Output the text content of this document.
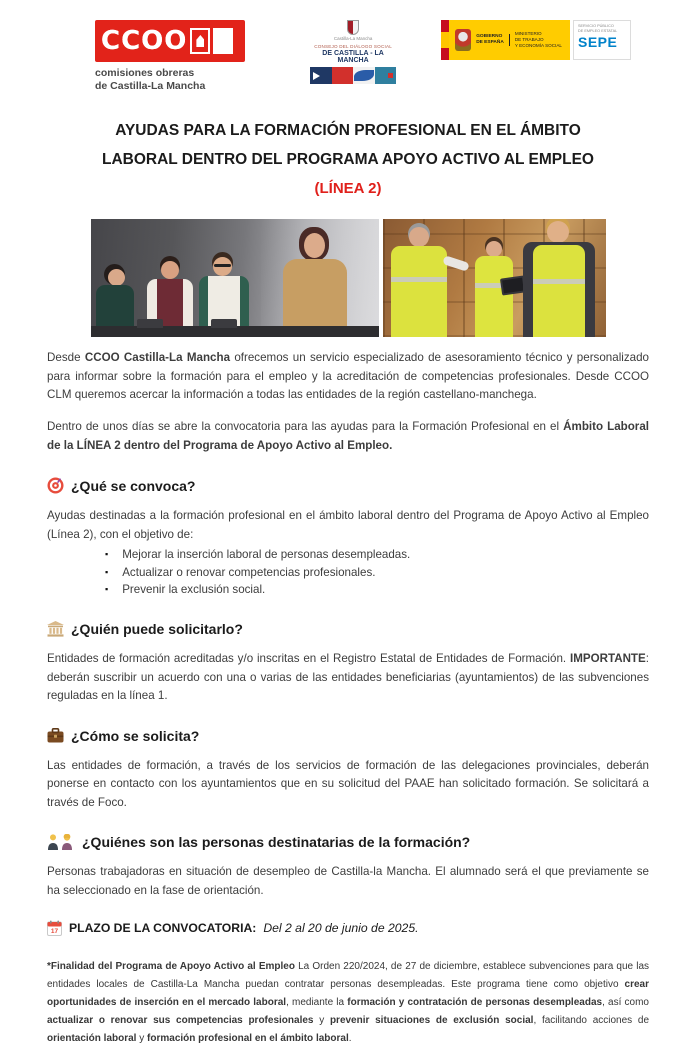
CCOO
comisiones obreras
de Castilla-La Mancha
Castilla-La Mancha
CONSEJO DEL DIÁLOGO SOCIAL
DE CASTILLA - LA MANCHA
GOBIERNO
DE ESPAÑA
MINISTERIO
DE TRABAJO
Y ECONOMÍA SOCIAL
SERVICIO PÚBLICO
DE EMPLEO ESTATAL
SEPE
AYUDAS PARA LA FORMACIÓN PROFESIONAL EN EL ÁMBITO
LABORAL DENTRO DEL PROGRAMA APOYO ACTIVO AL EMPLEO
(LÍNEA 2)
Desde CCOO Castilla-La Mancha ofrecemos un servicio especializado de asesoramiento técnico y personalizado para informar sobre la formación para el empleo y la acreditación de competencias profesionales. Desde CCOO CLM queremos acercar la información a todas las entidades de la región castellano-manchega.
Dentro de unos días se abre la convocatoria para las ayudas para la Formación Profesional en el Ámbito Laboral de la LÍNEA 2 dentro del Programa de Apoyo Activo al Empleo.
¿Qué se convoca?
Ayudas destinadas a la formación profesional en el ámbito laboral dentro del Programa de Apoyo Activo al Empleo (Línea 2), con el objetivo de:
▪ Mejorar la inserción laboral de personas desempleadas.
▪ Actualizar o renovar competencias profesionales.
▪ Prevenir la exclusión social.
¿Quién puede solicitarlo?
Entidades de formación acreditadas y/o inscritas en el Registro Estatal de Entidades de Formación. IMPORTANTE: deberán suscribir un acuerdo con una o varias de las entidades beneficiarias (ayuntamientos) de las subvenciones reguladas en la línea 1.
¿Cómo se solicita?
Las entidades de formación, a través de los servicios de formación de las delegaciones provinciales, deberán ponerse en contacto con los ayuntamientos que en su solicitud del PAAE han solicitado formación. Se solicitará a través de Foco.
¿Quiénes son las personas destinatarias de la formación?
Personas trabajadoras en situación de desempleo de Castilla-la Mancha. El alumnado será el que previamente se ha seleccionado en la fase de orientación.
17 PLAZO DE LA CONVOCATORIA: Del 2 al 20 de junio de 2025.
*Finalidad del Programa de Apoyo Activo al Empleo La Orden 220/2024, de 27 de diciembre, establece subvenciones para que las entidades locales de Castilla-La Mancha puedan contratar personas desempleadas. Este programa tiene como objetivo crear oportunidades de inserción en el mercado laboral, mediante la formación y contratación de personas desempleadas, así como actualizar o renovar sus competencias profesionales y prevenir situaciones de exclusión social, facilitando acciones de orientación laboral y formación profesional en el ámbito laboral.
